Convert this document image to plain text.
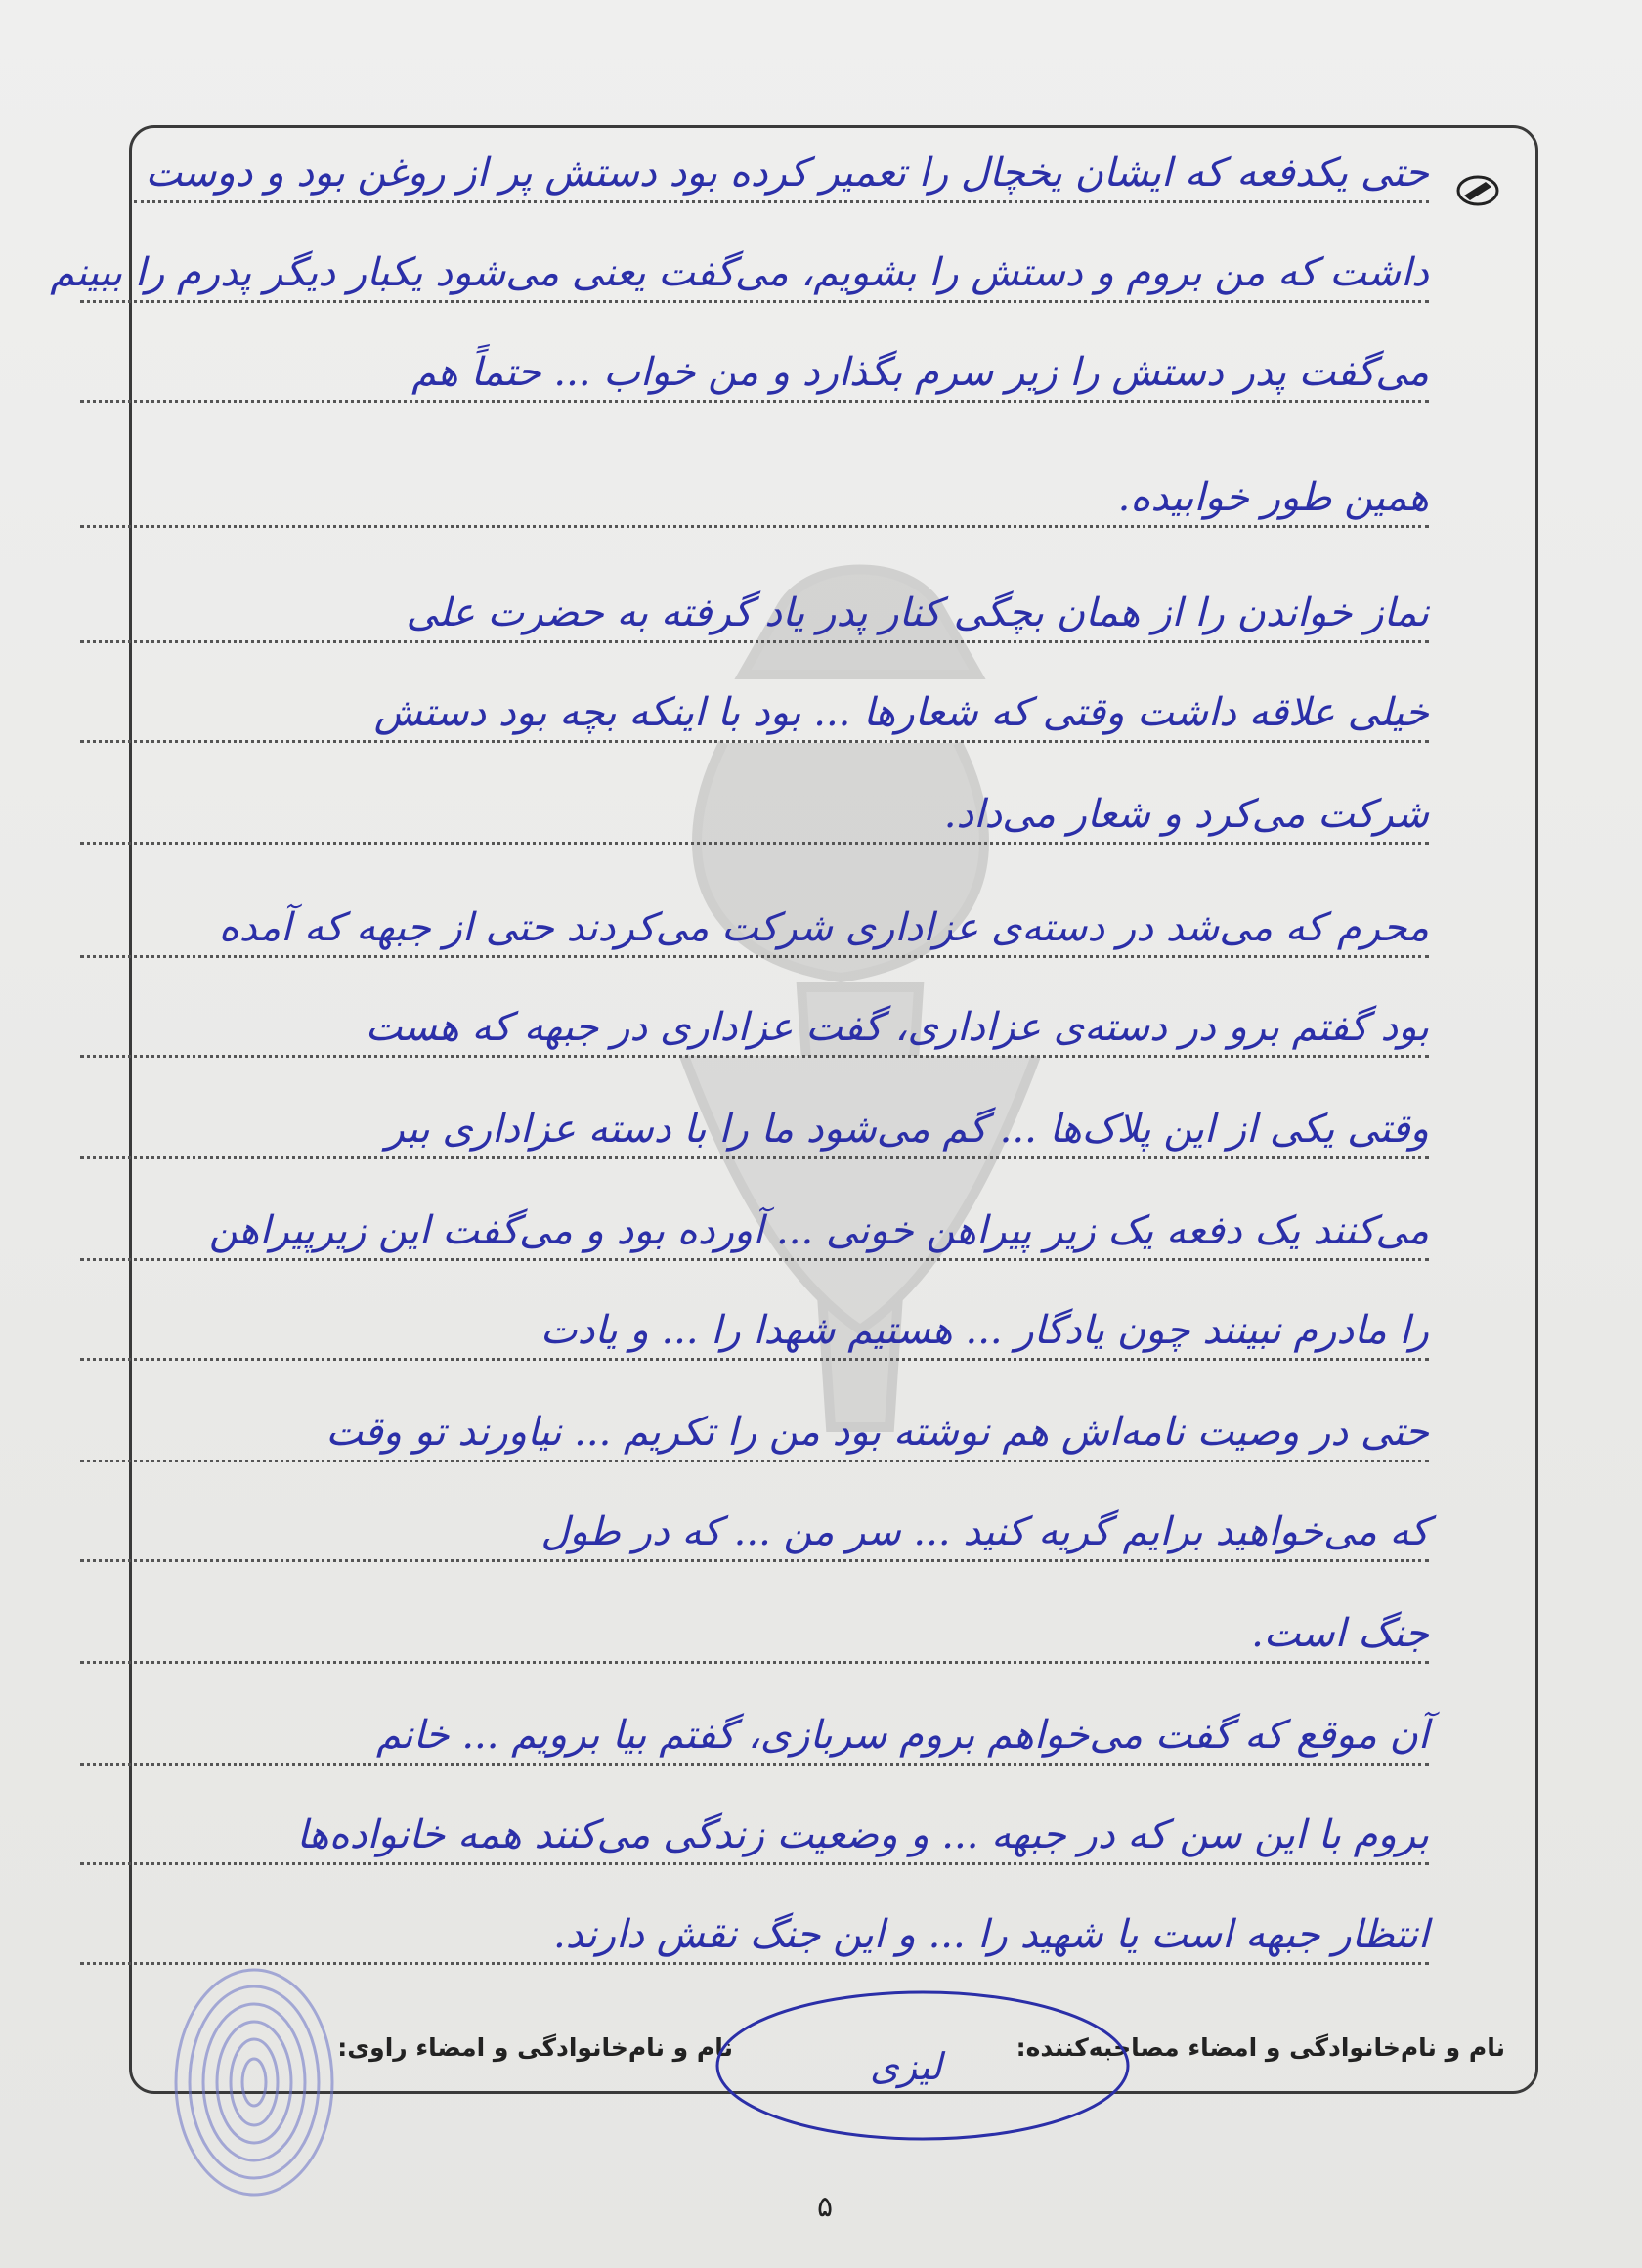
حتی یکدفعه که ایشان یخچال را تعمیر کرده بود دستش پر از روغن بود و دوست
داشت که من بروم و دستش را بشویم، می‌گفت یعنی می‌شود یکبار دیگر پدرم را ببینم
می‌گفت پدر دستش را زیر سرم بگذارد و من خواب ... حتماً هم
همین طور خوابیده.
نماز خواندن را از همان بچگی کنار پدر یاد گرفته به حضرت علی
خیلی علاقه داشت وقتی که شعارها ... بود با اینکه بچه بود دستش
شرکت می‌کرد و شعار می‌داد.
محرم که می‌شد در دسته‌ی عزاداری شرکت می‌کردند حتی از جبهه که آمده
بود گفتم برو در دسته‌ی عزاداری، گفت عزاداری در جبهه که هست
وقتی یکی از این پلاک‌ها ... گم می‌شود ما را با دسته عزاداری ببر
می‌کنند یک دفعه یک زیر پیراهن خونی ... آورده بود و می‌گفت این زیرپیراهن
را مادرم نبینند چون یادگار ... هستیم شهدا را ... و یادت
حتی در وصیت نامه‌اش هم نوشته بود من را تکریم ... نیاورند تو وقت
که می‌خواهید برایم گریه کنید ... سر من ... که در طول
جنگ است.
آن موقع که گفت می‌خواهم بروم سربازی، گفتم بیا برویم ... خانم
بروم با این سن که در جبهه ... و وضعیت زندگی می‌کنند همه خانواده‌ها
انتظار جبهه است یا شهید را ... و این جنگ نقش دارند.
نام و نام‌خانوادگی و امضاء مصاحبه‌کننده:
نام و نام‌خانوادگی و امضاء راوی:	لیزی
۵
